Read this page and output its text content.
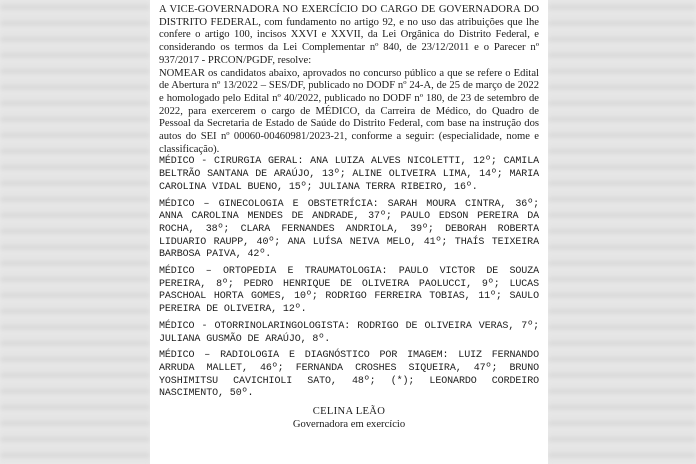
A VICE-GOVERNADORA NO EXERCÍCIO DO CARGO DE GOVERNADORA DO DISTRITO FEDERAL, com fundamento no artigo 92, e no uso das atribuições que lhe confere o artigo 100, incisos XXVI e XXVII, da Lei Orgânica do Distrito Federal, e considerando os termos da Lei Complementar nº 840, de 23/12/2011 e o Parecer nº 937/2017 - PRCON/PGDF, resolve:

NOMEAR os candidatos abaixo, aprovados no concurso público a que se refere o Edital de Abertura nº 13/2022 – SES/DF, publicado no DODF nº 24-A, de 25 de março de 2022 e homologado pelo Edital nº 40/2022, publicado no DODF nº 180, de 23 de setembro de 2022, para exercerem o cargo de MÉDICO, da Carreira de Médico, do Quadro de Pessoal da Secretaria de Estado de Saúde do Distrito Federal, com base na instrução dos autos do SEI nº 00060-00460981/2023-21, conforme a seguir: (especialidade, nome e classificação).

MÉDICO - CIRURGIA GERAL: ANA LUIZA ALVES NICOLETTI, 12º; CAMILA BELTRÃO SANTANA DE ARAÚJO, 13º; ALINE OLIVEIRA LIMA, 14º; MARIA CAROLINA VIDAL BUENO, 15º; JULIANA TERRA RIBEIRO, 16º.

MÉDICO – GINECOLOGIA E OBSTETRÍCIA: SARAH MOURA CINTRA, 36º; ANNA CAROLINA MENDES DE ANDRADE, 37º; PAULO EDSON PEREIRA DA ROCHA, 38º; CLARA FERNANDES ANDRIOLA, 39º; DEBORAH ROBERTA LIDUARIO RAUPP, 40º; ANA LUÍSA NEIVA MELO, 41º; THAÍS TEIXEIRA BARBOSA PAIVA, 42º.

MÉDICO – ORTOPEDIA E TRAUMATOLOGIA: PAULO VICTOR DE SOUZA PEREIRA, 8º; PEDRO HENRIQUE DE OLIVEIRA PAOLUCCI, 9º; LUCAS PASCHOAL HORTA GOMES, 10º; RODRIGO FERREIRA TOBIAS, 11º; SAULO PEREIRA DE OLIVEIRA, 12º.

MÉDICO - OTORRINOLARINGOLOGISTA: RODRIGO DE OLIVEIRA VERAS, 7º; JULIANA GUSMÃO DE ARAÚJO, 8º.

MÉDICO – RADIOLOGIA E DIAGNÓSTICO POR IMAGEM: LUIZ FERNANDO ARRUDA MALLET, 46º; FERNANDA CROSHES SIQUEIRA, 47º; BRUNO YOSHIMITSU CAVICHIOLI SATO, 48º; (*); LEONARDO CORDEIRO NASCIMENTO, 50º.

CELINA LEÃO
Governadora em exercício
